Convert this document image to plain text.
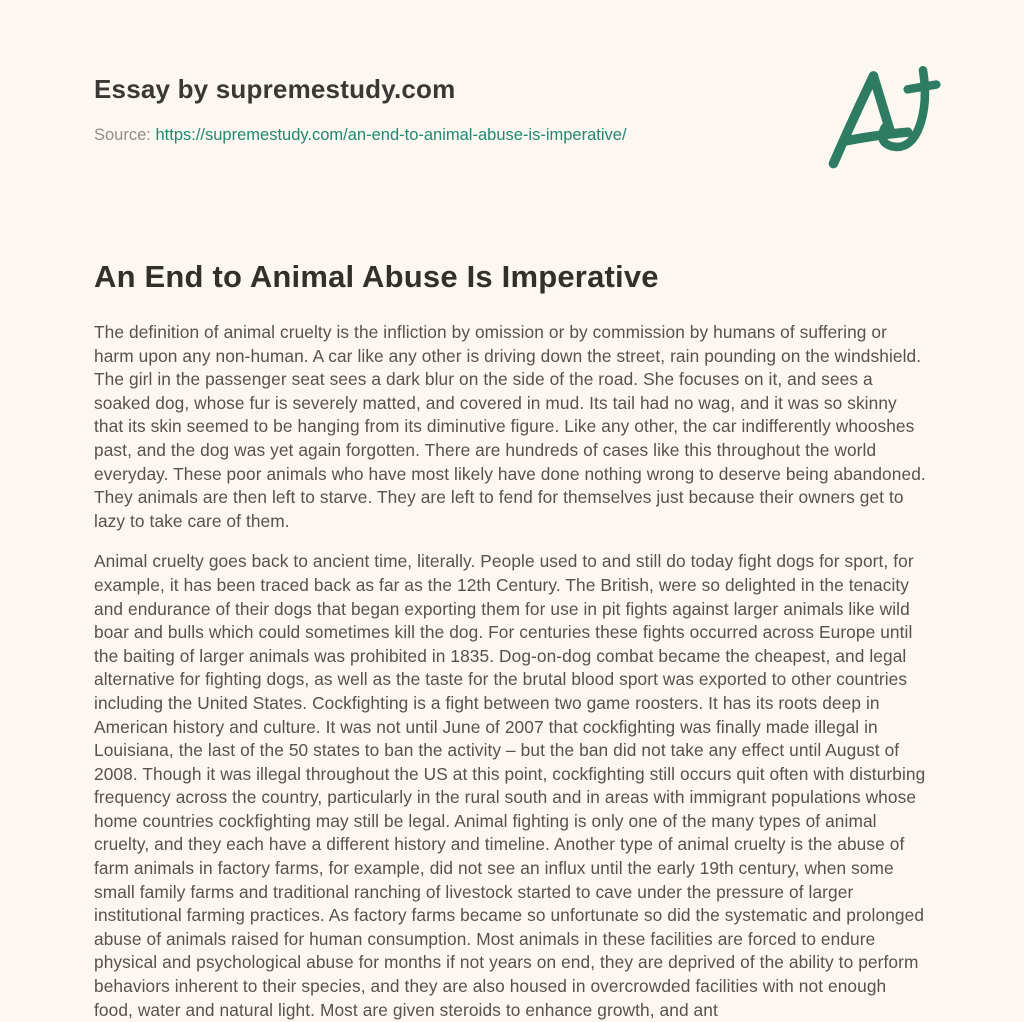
Essay by supremestudy.com
Source: https://supremestudy.com/an-end-to-animal-abuse-is-imperative/
An End to Animal Abuse Is Imperative

The definition of animal cruelty is the infliction by omission or by commission by humans of suffering or harm upon any non-human. A car like any other is driving down the street, rain pounding on the windshield. The girl in the passenger seat sees a dark blur on the side of the road. She focuses on it, and sees a soaked dog, whose fur is severely matted, and covered in mud. Its tail had no wag, and it was so skinny that its skin seemed to be hanging from its diminutive figure. Like any other, the car indifferently whooshes past, and the dog was yet again forgotten. There are hundreds of cases like this throughout the world everyday. These poor animals who have most likely have done nothing wrong to deserve being abandoned. They animals are then left to starve. They are left to fend for themselves just because their owners get to lazy to take care of them.

Animal cruelty goes back to ancient time, literally. People used to and still do today fight dogs for sport, for example, it has been traced back as far as the 12th Century. The British, were so delighted in the tenacity and endurance of their dogs that began exporting them for use in pit fights against larger animals like wild boar and bulls which could sometimes kill the dog. For centuries these fights occurred across Europe until the baiting of larger animals was prohibited in 1835. Dog-on-dog combat became the cheapest, and legal alternative for fighting dogs, as well as the taste for the brutal blood sport was exported to other countries including the United States. Cockfighting is a fight between two game roosters. It has its roots deep in American history and culture. It was not until June of 2007 that cockfighting was finally made illegal in Louisiana, the last of the 50 states to ban the activity – but the ban did not take any effect until August of 2008. Though it was illegal throughout the US at this point, cockfighting still occurs quit often with disturbing frequency across the country, particularly in the rural south and in areas with immigrant populations whose home countries cockfighting may still be legal. Animal fighting is only one of the many types of animal cruelty, and they each have a different history and timeline. Another type of animal cruelty is the abuse of farm animals in factory farms, for example, did not see an influx until the early 19th century, when some small family farms and traditional ranching of livestock started to cave under the pressure of larger institutional farming practices. As factory farms became so unfortunate so did the systematic and prolonged abuse of animals raised for human consumption. Most animals in these facilities are forced to endure physical and psychological abuse for months if not years on end, they are deprived of the ability to perform behaviors inherent to their species, and they are also housed in overcrowded facilities with not enough food, water and natural light. Most are given steroids to enhance growth, and ant
